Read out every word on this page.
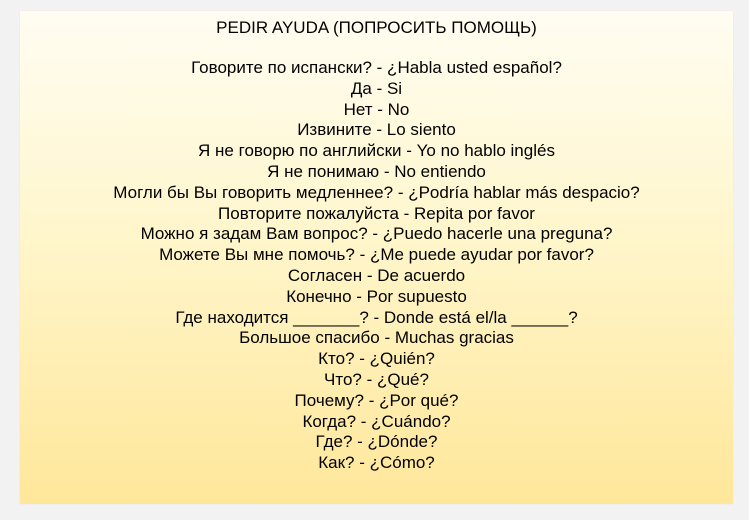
PEDIR AYUDA (ПОПРОСИТЬ ПОМОЩЬ)
Говорите по испански? - ¿Habla usted español?
Да - Si
Нет - No
Извините - Lo siento
Я не говорю по английски - Yo no hablo inglés
Я не понимаю - No entiendo
Могли бы Вы говорить медленнее? - ¿Podría hablar más despacio?
Повторите пожалуйста - Repita por favor
Можно я задам Вам вопрос? - ¿Puedo hacerle una preguna?
Можете Вы мне помочь? - ¿Me puede ayudar por favor?
Согласен - De acuerdo
Конечно - Por supuesto
Где находится _______? - Donde está el/la ______?
Большое спасибо - Muchas gracias
Кто? - ¿Quién?
Что? - ¿Qué?
Почему? - ¿Por qué?
Когда? - ¿Cuándo?
Где? - ¿Dónde?
Как? - ¿Cómo?
